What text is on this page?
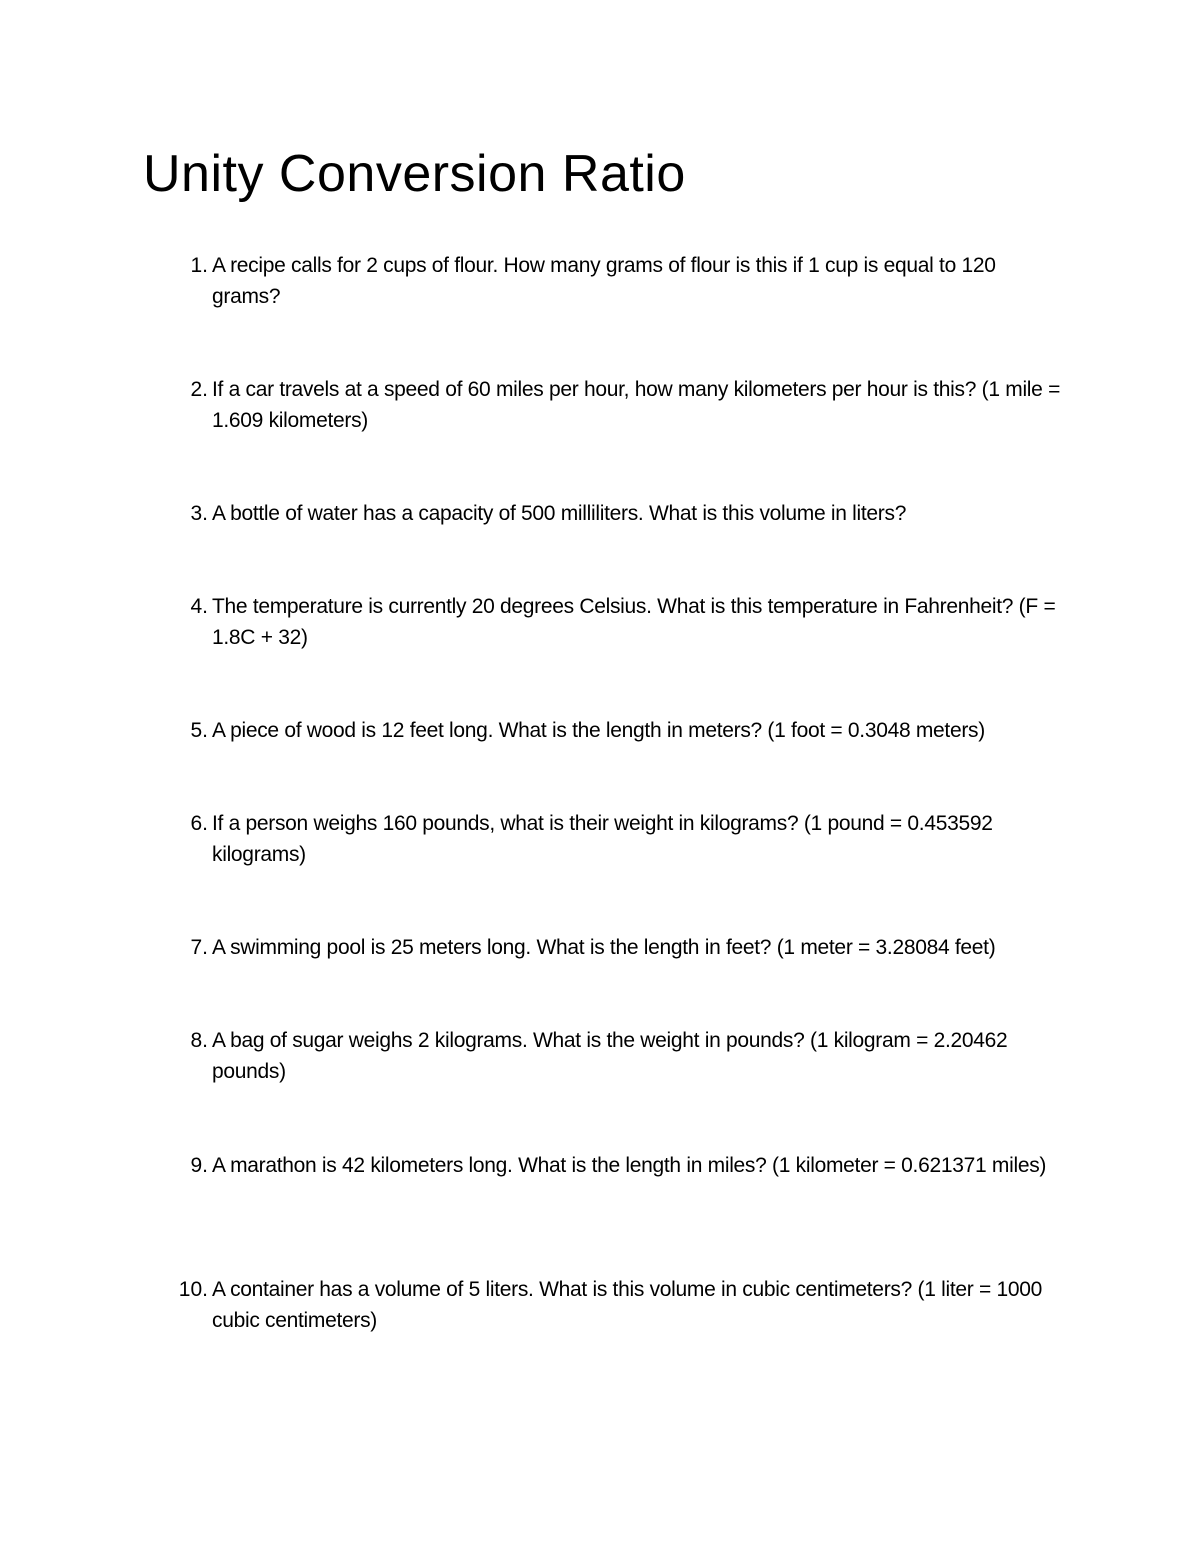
Unity Conversion Ratio
1. A recipe calls for 2 cups of flour. How many grams of flour is this if 1 cup is equal to 120 grams?
2. If a car travels at a speed of 60 miles per hour, how many kilometers per hour is this? (1 mile = 1.609 kilometers)
3. A bottle of water has a capacity of 500 milliliters. What is this volume in liters?
4. The temperature is currently 20 degrees Celsius. What is this temperature in Fahrenheit? (F = 1.8C + 32)
5. A piece of wood is 12 feet long. What is the length in meters? (1 foot = 0.3048 meters)
6. If a person weighs 160 pounds, what is their weight in kilograms? (1 pound = 0.453592 kilograms)
7. A swimming pool is 25 meters long. What is the length in feet? (1 meter = 3.28084 feet)
8. A bag of sugar weighs 2 kilograms. What is the weight in pounds? (1 kilogram = 2.20462 pounds)
9. A marathon is 42 kilometers long. What is the length in miles? (1 kilometer = 0.621371 miles)
10. A container has a volume of 5 liters. What is this volume in cubic centimeters? (1 liter = 1000 cubic centimeters)
